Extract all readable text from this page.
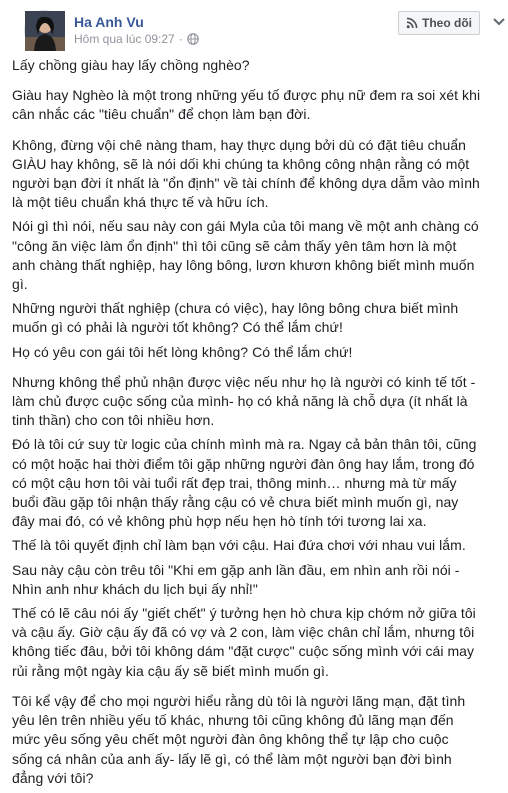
Ha Anh Vu
Hôm qua lúc 09:27 ·
Theo dõi

Lấy chồng giàu hay lấy chồng nghèo?

Giàu hay Nghèo là một trong những yếu tố được phụ nữ đem ra soi xét khi cân nhắc các "tiêu chuẩn" để chọn làm bạn đời.

Không, đừng vội chê nàng tham, hay thực dụng bởi dù có đặt tiêu chuẩn GIÀU hay không, sẽ là nói dối khi chúng ta không công nhận rằng có một người bạn đời ít nhất là "ổn định" về tài chính để không dựa dẫm vào mình là một tiêu chuẩn khá thực tế và hữu ích.

Nói gì thì nói, nếu sau này con gái Myla của tôi mang về một anh chàng có "công ăn việc làm ổn định" thì tôi cũng sẽ cảm thấy yên tâm hơn là một anh chàng thất nghiệp, hay lông bông, lươn khươn không biết mình muốn gì.

Những người thất nghiệp (chưa có việc), hay lông bông chưa biết mình muốn gì có phải là người tốt không? Có thể lắm chứ!

Họ có yêu con gái tôi hết lòng không? Có thể lắm chứ!

Nhưng không thể phủ nhận được việc nếu như họ là người có kinh tế tốt - làm chủ được cuộc sống của mình- họ có khả năng là chỗ dựa (ít nhất là tinh thần) cho con tôi nhiều hơn.

Đó là tôi cứ suy từ logic của chính mình mà ra. Ngay cả bản thân tôi, cũng có một hoặc hai thời điểm tôi gặp những người đàn ông hay lắm, trong đó có một cậu hơn tôi vài tuổi rất đẹp trai, thông minh… nhưng mà từ mấy buổi đầu gặp tôi nhận thấy rằng cậu có vẻ chưa biết mình muốn gì, nay đây mai đó, có vẻ không phù hợp nếu hẹn hò tính tới tương lai xa.

Thế là tôi quyết định chỉ làm bạn với cậu. Hai đứa chơi với nhau vui lắm.

Sau này cậu còn trêu tôi "Khi em gặp anh lần đầu, em nhìn anh rồi nói - Nhìn anh như khách du lịch bụi ấy nhỉ!"

Thế có lẽ câu nói ấy "giết chết" ý tưởng hẹn hò chưa kịp chớm nở giữa tôi và cậu ấy. Giờ cậu ấy đã có vợ và 2 con, làm việc chân chỉ lắm, nhưng tôi không tiếc đâu, bởi tôi không dám "đặt cược" cuộc sống mình với cái may rủi rằng một ngày kia cậu ấy sẽ biết mình muốn gì.

Tôi kể vậy để cho mọi người hiểu rằng dù tôi là người lãng mạn, đặt tình yêu lên trên nhiều yếu tố khác, nhưng tôi cũng không đủ lãng mạn đến mức yêu sống yêu chết một người đàn ông không thể tự lập cho cuộc sống cá nhân của anh ấy- lấy lẽ gì, có thể làm một người bạn đời bình đẳng với tôi?
